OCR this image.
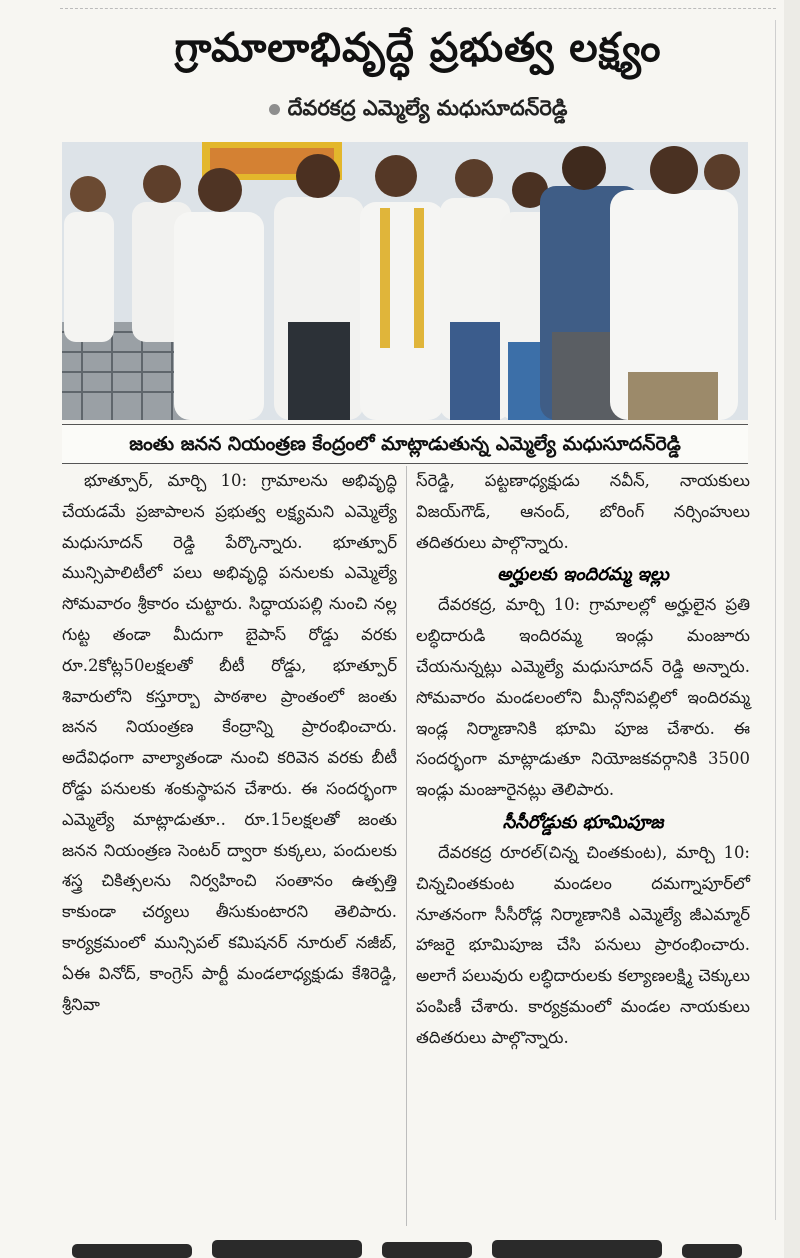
గ్రామాలాభివృద్ధే ప్రభుత్వ లక్ష్యం
దేవరకద్ర ఎమ్మెల్యే మధుసూదన్‌రెడ్డి
జంతు జనన నియంత్రణ కేంద్రంలో మాట్లాడుతున్న ఎమ్మెల్యే మధుసూదన్‌రెడ్డి

భూత్పూర్, మార్చి 10: గ్రామాలను అభివృద్ధి చేయడమే ప్రజాపాలన ప్రభుత్వ లక్ష్యమని ఎమ్మెల్యే మధుసూదన్ రెడ్డి పేర్కొన్నారు. భూత్పూర్ మున్సిపాలిటీలో పలు అభివృద్ధి పనులకు ఎమ్మెల్యే సోమవారం శ్రీకారం చుట్టారు. సిద్ధాయపల్లి నుంచి నల్ల గుట్ట తండా మీదుగా బైపాస్ రోడ్డు వరకు రూ.2కోట్ల50లక్షలతో బీటీ రోడ్డు, భూత్పూర్ శివారులోని కస్తూర్బా పాఠశాల ప్రాంతంలో జంతు జనన నియంత్రణ కేంద్రాన్ని ప్రారంభించారు. అదేవిధంగా వాల్యాతండా నుంచి కరివెన వరకు బీటీ రోడ్డు పనులకు శంకుస్థాపన చేశారు. ఈ సందర్భంగా ఎమ్మెల్యే మాట్లాడుతూ.. రూ.15లక్షలతో జంతు జనన నియంత్రణ సెంటర్ ద్వారా కుక్కలు, పందులకు శస్త్ర చికిత్సలను నిర్వహించి సంతానం ఉత్పత్తి కాకుండా చర్యలు తీసుకుంటారని తెలిపారు. కార్యక్రమంలో మున్సిపల్ కమిషనర్ నూరుల్ నజీబ్, ఏఈ వినోద్, కాంగ్రెస్ పార్టీ మండలాధ్యక్షుడు కేశిరెడ్డి, శ్రీనివా

స్‌రెడ్డి, పట్టణాధ్యక్షుడు నవీన్, నాయకులు విజయ్‌గౌడ్, ఆనంద్, బోరింగ్ నర్సింహులు తదితరులు పాల్గొన్నారు.

అర్హులకు ఇందిరమ్మ ఇల్లు

దేవరకద్ర, మార్చి 10: గ్రామాలల్లో అర్హులైన ప్రతి లబ్ధిదారుడి ఇందిరమ్మ ఇండ్లు మంజూరు చేయనున్నట్లు ఎమ్మెల్యే మధుసూదన్ రెడ్డి అన్నారు. సోమవారం మండలంలోని మీన్గోనిపల్లిలో ఇందిరమ్మ ఇండ్ల నిర్మాణానికి భూమి పూజ చేశారు. ఈ సందర్భంగా మాట్లాడుతూ నియోజకవర్గానికి 3500 ఇండ్లు మంజూరైనట్లు తెలిపారు.

సీసీరోడ్డుకు భూమిపూజ

దేవరకద్ర రూరల్(చిన్న చింతకుంట), మార్చి 10: చిన్నచింతకుంట మండలం దమగ్నాపూర్‌లో నూతనంగా సీసీరోడ్ల నిర్మాణానికి ఎమ్మెల్యే జీఎమ్మార్ హాజరై భూమిపూజ చేసి పనులు ప్రారంభించారు. అలాగే పలువురు లబ్ధిదారులకు కల్యాణలక్ష్మి చెక్కులు పంపిణీ చేశారు. కార్యక్రమంలో మండల నాయకులు తదితరులు పాల్గొన్నారు.
